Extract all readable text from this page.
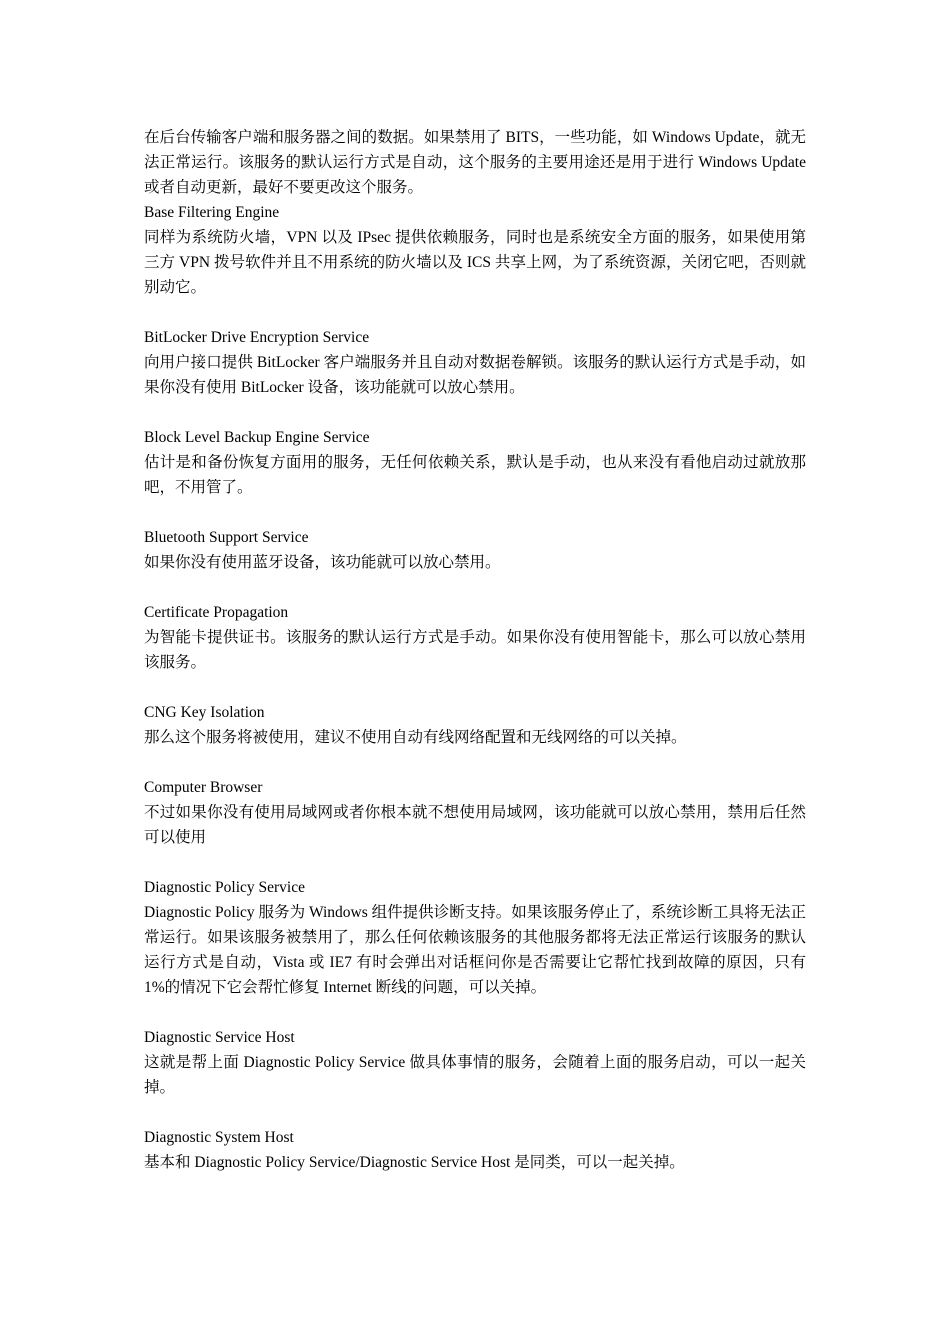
在后台传输客户端和服务器之间的数据。如果禁用了 BITS，一些功能，如 Windows Update，就无法正常运行。该服务的默认运行方式是自动，这个服务的主要用途还是用于进行 Windows Update 或者自动更新，最好不要更改这个服务。

Base Filtering Engine

同样为系统防火墙，VPN 以及 IPsec 提供依赖服务，同时也是系统安全方面的服务，如果使用第三方 VPN 拨号软件并且不用系统的防火墙以及 ICS 共享上网，为了系统资源，关闭它吧，否则就别动它。

BitLocker Drive Encryption Service

向用户接口提供 BitLocker 客户端服务并且自动对数据卷解锁。该服务的默认运行方式是手动，如果你没有使用 BitLocker 设备，该功能就可以放心禁用。

Block Level Backup Engine Service

估计是和备份恢复方面用的服务，无任何依赖关系，默认是手动，也从来没有看他启动过就放那吧，不用管了。

Bluetooth Support Service

如果你没有使用蓝牙设备，该功能就可以放心禁用。

Certificate Propagation

为智能卡提供证书。该服务的默认运行方式是手动。如果你没有使用智能卡，那么可以放心禁用该服务。

CNG Key Isolation

那么这个服务将被使用，建议不使用自动有线网络配置和无线网络的可以关掉。

Computer Browser

不过如果你没有使用局域网或者你根本就不想使用局域网，该功能就可以放心禁用，禁用后任然可以使用

Diagnostic Policy Service

Diagnostic Policy 服务为 Windows 组件提供诊断支持。如果该服务停止了，系统诊断工具将无法正常运行。如果该服务被禁用了，那么任何依赖该服务的其他服务都将无法正常运行该服务的默认运行方式是自动，Vista 或 IE7 有时会弹出对话框问你是否需要让它帮忙找到故障的原因，只有 1%的情况下它会帮忙修复 Internet 断线的问题，可以关掉。

Diagnostic Service Host

这就是帮上面 Diagnostic Policy Service 做具体事情的服务，会随着上面的服务启动，可以一起关掉。

Diagnostic System Host

基本和 Diagnostic Policy Service/Diagnostic Service Host 是同类，可以一起关掉。
